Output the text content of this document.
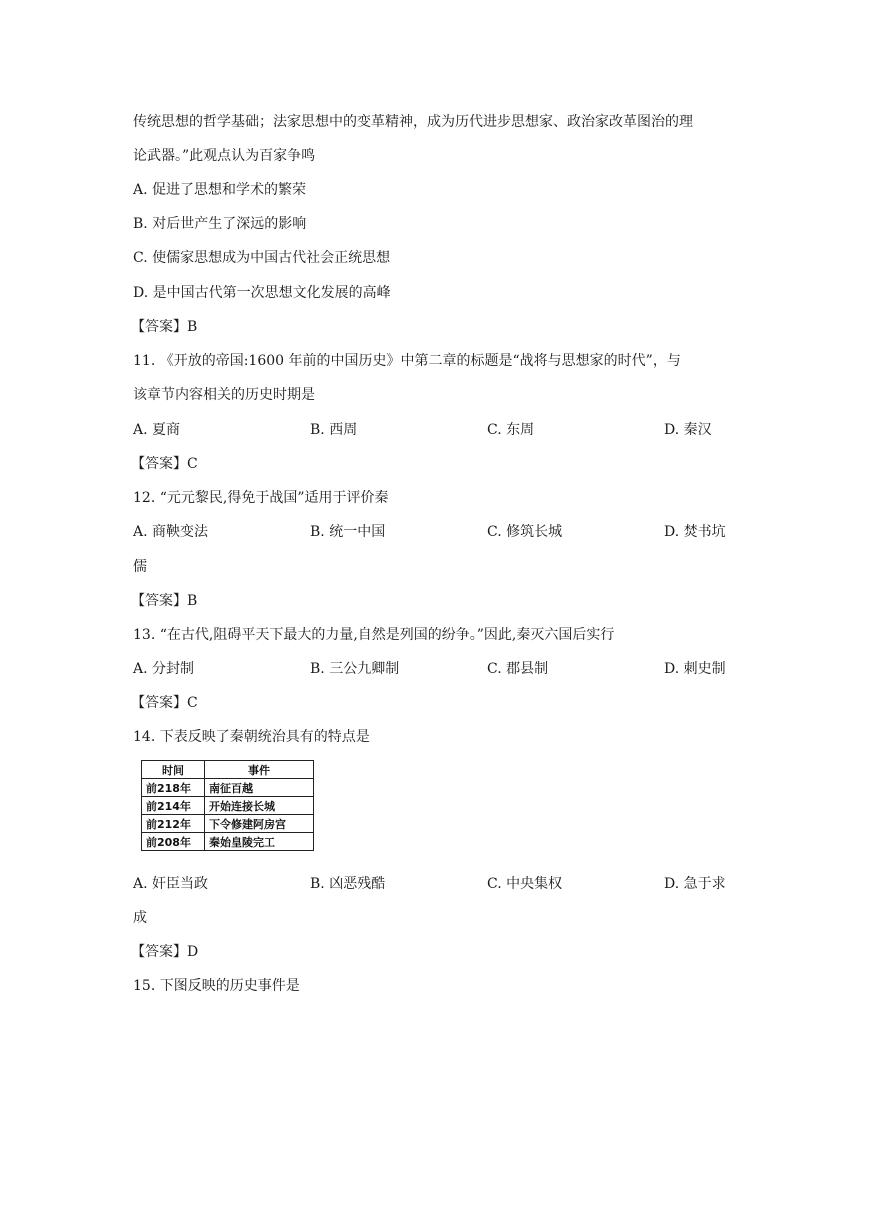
传统思想的哲学基础；法家思想中的变革精神，成为历代进步思想家、政治家改革图治的理
论武器。”此观点认为百家争鸣
A. 促进了思想和学术的繁荣
B. 对后世产生了深远的影响
C. 使儒家思想成为中国古代社会正统思想
D. 是中国古代第一次思想文化发展的高峰
【答案】B
11. 《开放的帝国:1600 年前的中国历史》中第二章的标题是“战将与思想家的时代”，与
该章节内容相关的历史时期是
A. 夏商	B. 西周	C. 东周	D. 秦汉
【答案】C
12. “元元黎民,得免于战国”适用于评价秦
A. 商鞅变法	B. 统一中国	C. 修筑长城	D. 焚书坑
儒
【答案】B
13. “在古代,阻碍平天下最大的力量,自然是列国的纷争。”因此,秦灭六国后实行
A. 分封制	B. 三公九卿制	C. 郡县制	D. 刺史制
【答案】C
14. 下表反映了秦朝统治具有的特点是
时间	事件
前218年	南征百越
前214年	开始连接长城
前212年	下令修建阿房宫
前208年	秦始皇陵完工
A. 奸臣当政	B. 凶恶残酷	C. 中央集权	D. 急于求
成
【答案】D
15. 下图反映的历史事件是
